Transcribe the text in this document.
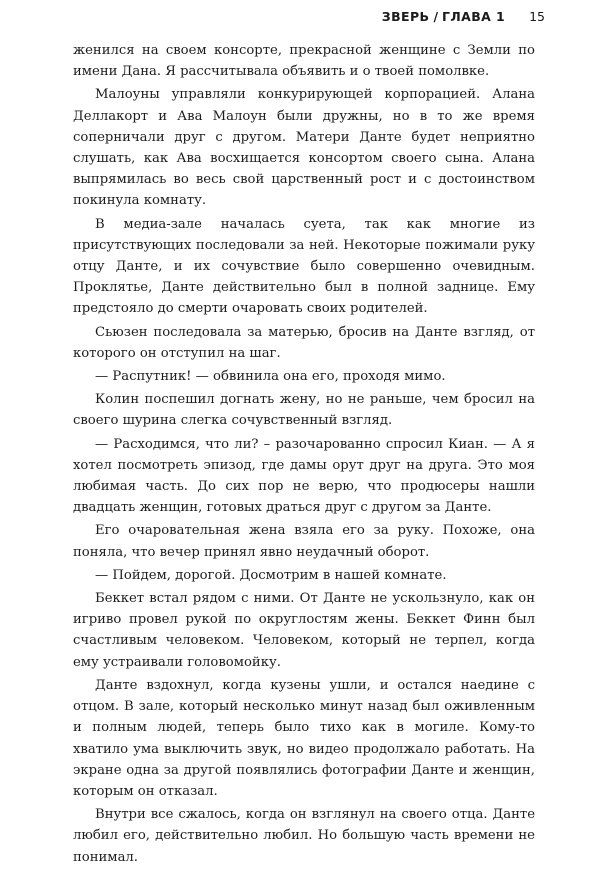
ЗВЕРЬ / ГЛАВА 1 15

женился на своем консорте, прекрасной женщине с Земли по имени Дана. Я рассчитывала объявить и о твоей помолвке.

Малоуны управляли конкурирующей корпорацией. Алана Деллакорт и Ава Малоун были дружны, но в то же время соперничали друг с другом. Матери Данте будет неприятно слушать, как Ава восхищается консортом своего сына. Алана выпрямилась во весь свой царственный рост и с достоинством покинула комнату.

В медиа-зале началась суета, так как многие из присутствующих последовали за ней. Некоторые пожимали руку отцу Данте, и их сочувствие было совершенно очевидным. Проклятье, Данте действительно был в полной заднице. Ему предстояло до смерти очаровать своих родителей.

Сьюзен последовала за матерью, бросив на Данте взгляд, от которого он отступил на шаг.

— Распутник! — обвинила она его, проходя мимо.

Колин поспешил догнать жену, но не раньше, чем бросил на своего шурина слегка сочувственный взгляд.

— Расходимся, что ли? – разочарованно спросил Киан. — А я хотел посмотреть эпизод, где дамы орут друг на друга. Это моя любимая часть. До сих пор не верю, что продюсеры нашли двадцать женщин, готовых драться друг с другом за Данте.

Его очаровательная жена взяла его за руку. Похоже, она поняла, что вечер принял явно неудачный оборот.

— Пойдем, дорогой. Досмотрим в нашей комнате.

Беккет встал рядом с ними. От Данте не ускользнуло, как он игриво провел рукой по округлостям жены. Беккет Финн был счастливым человеком. Человеком, который не терпел, когда ему устраивали головомойку.

Данте вздохнул, когда кузены ушли, и остался наедине с отцом. В зале, который несколько минут назад был оживленным и полным людей, теперь было тихо как в могиле. Кому-то хватило ума выключить звук, но видео продолжало работать. На экране одна за другой появлялись фотографии Данте и женщин, которым он отказал.

Внутри все сжалось, когда он взглянул на своего отца. Данте любил его, действительно любил. Но большую часть времени не понимал.
